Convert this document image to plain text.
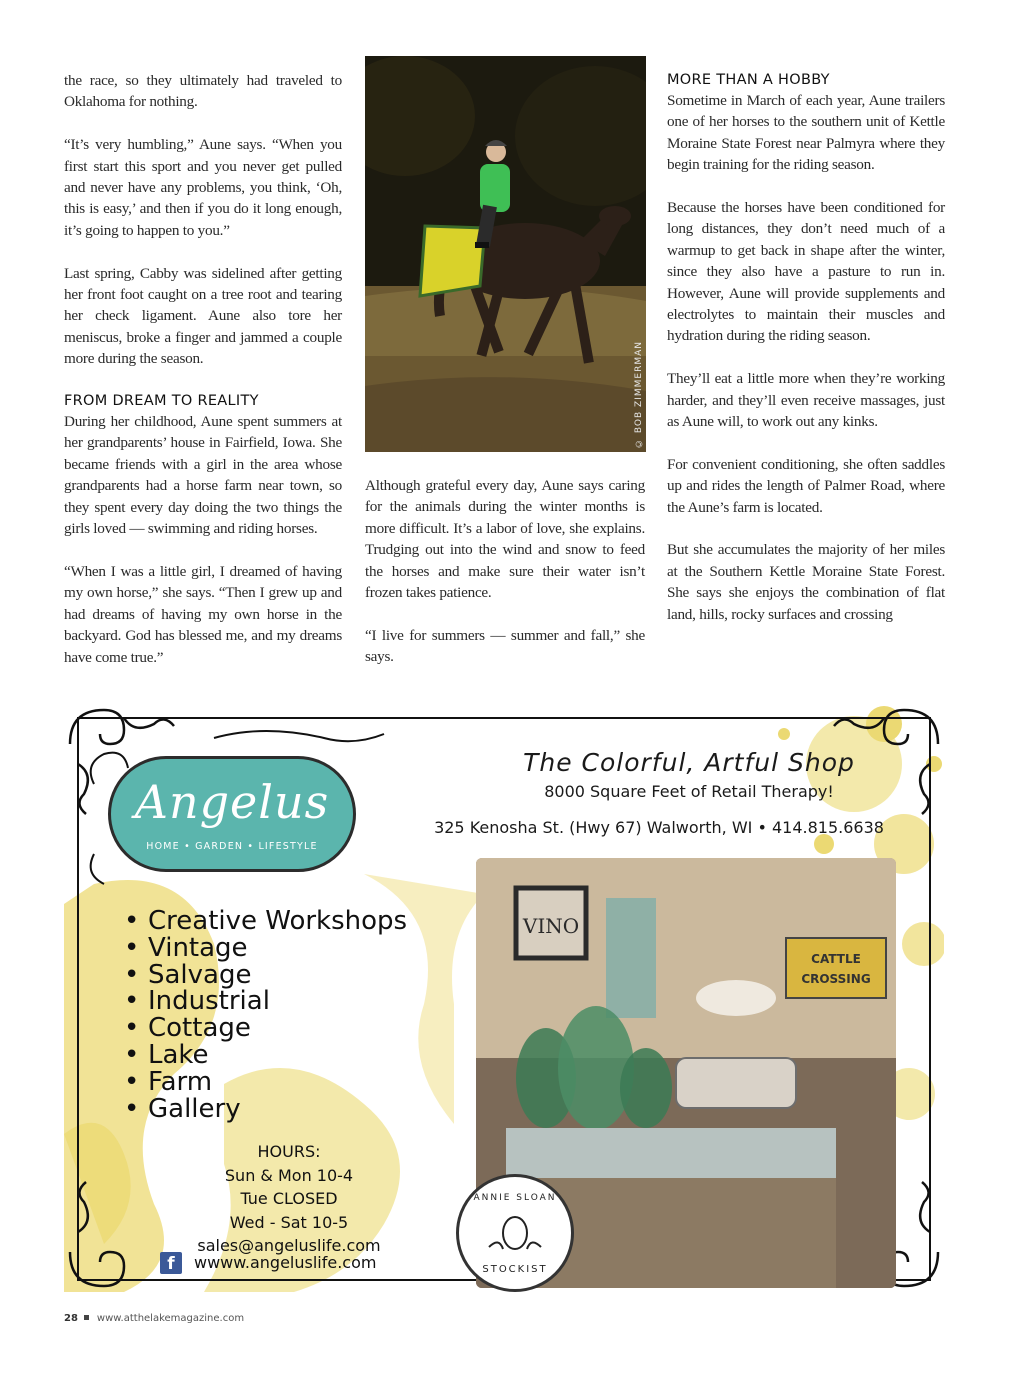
the race, so they ultimately had traveled to Oklahoma for nothing.

“It’s very humbling,” Aune says. “When you first start this sport and you never get pulled and never have any problems, you think, ‘Oh, this is easy,’ and then if you do it long enough, it’s going to happen to you.”

Last spring, Cabby was sidelined after getting her front foot caught on a tree root and tearing her check ligament. Aune also tore her meniscus, broke a finger and jammed a couple more during the season.

FROM DREAM TO REALITY

During her childhood, Aune spent summers at her grandparents’ house in Fairfield, Iowa. She became friends with a girl in the area whose grandparents had a horse farm near town, so they spent every day doing the two things the girls loved — swimming and riding horses.

“When I was a little girl, I dreamed of having my own horse,” she says. “Then I grew up and had dreams of having my own horse in the backyard. God has blessed me, and my dreams have come true.”

© BOB ZIMMERMAN

Although grateful every day, Aune says caring for the animals during the winter months is more difficult. It’s a labor of love, she explains. Trudging out into the wind and snow to feed the horses and make sure their water isn’t frozen takes patience.

“I live for summers — summer and fall,” she says.

MORE THAN A HOBBY

Sometime in March of each year, Aune trailers one of her horses to the southern unit of Kettle Moraine State Forest near Palmyra where they begin training for the riding season.

Because the horses have been conditioned for long distances, they don’t need much of a warmup to get back in shape after the winter, since they also have a pasture to run in. However, Aune will provide supplements and electrolytes to maintain their muscles and hydration during the riding season.

They’ll eat a little more when they’re working harder, and they’ll even receive massages, just as Aune will, to work out any kinks.

For convenient conditioning, she often saddles up and rides the length of Palmer Road, where the Aune’s farm is located.

But she accumulates the majority of her miles at the Southern Kettle Moraine State Forest. She says she enjoys the combination of flat land, hills, rocky surfaces and crossing

Angelus
HOME • GARDEN • LIFESTYLE
The Colorful, Artful Shop
8000 Square Feet of Retail Therapy!
325 Kenosha St. (Hwy 67) Walworth, WI • 414.815.6638
• Creative Workshops
• Vintage
• Salvage
• Industrial
• Cottage
• Lake
• Farm
• Gallery
HOURS:
Sun & Mon 10-4
Tue CLOSED
Wed - Sat 10-5
sales@angeluslife.com
f	wwww.angeluslife.com
VINO
CATTLE
CROSSING
ANNIE SLOAN
STOCKIST
28 www.atthelakemagazine.com
